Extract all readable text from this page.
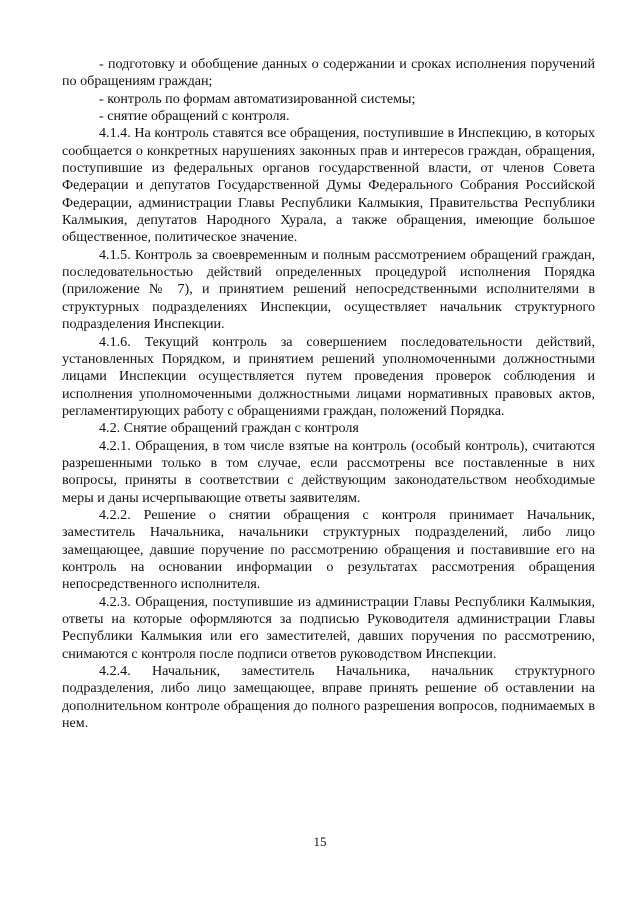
- подготовку и обобщение данных о содержании и сроках исполнения поручений по обращениям граждан;

- контроль по формам автоматизированной системы;

- снятие обращений с контроля.

4.1.4. На контроль ставятся все обращения, поступившие в Инспекцию, в которых сообщается о конкретных нарушениях законных прав и интересов граждан, обращения, поступившие из федеральных органов государственной власти, от членов Совета Федерации и депутатов Государственной Думы Федерального Собрания Российской Федерации, администрации Главы Республики Калмыкия, Правительства Республики Калмыкия, депутатов Народного Хурала, а также обращения, имеющие большое общественное, политическое значение.

4.1.5. Контроль за своевременным и полным рассмотрением обращений граждан, последовательностью действий определенных процедурой исполнения Порядка (приложение № 7), и принятием решений непосредственными исполнителями в структурных подразделениях Инспекции, осуществляет начальник структурного подразделения Инспекции.

4.1.6. Текущий контроль за совершением последовательности действий, установленных Порядком, и принятием решений уполномоченными должностными лицами Инспекции осуществляется путем проведения проверок соблюдения и исполнения уполномоченными должностными лицами нормативных правовых актов, регламентирующих работу с обращениями граждан, положений Порядка.

4.2. Снятие обращений граждан с контроля

4.2.1. Обращения, в том числе взятые на контроль (особый контроль), считаются разрешенными только в том случае, если рассмотрены все поставленные в них вопросы, приняты в соответствии с действующим законодательством необходимые меры и даны исчерпывающие ответы заявителям.

4.2.2. Решение о снятии обращения с контроля принимает Начальник, заместитель Начальника, начальники структурных подразделений, либо лицо замещающее, давшие поручение по рассмотрению обращения и поставившие его на контроль на основании информации о результатах рассмотрения обращения непосредственного исполнителя.

4.2.3. Обращения, поступившие из администрации Главы Республики Калмыкия, ответы на которые оформляются за подписью Руководителя администрации Главы Республики Калмыкия или его заместителей, давших поручения по рассмотрению, снимаются с контроля после подписи ответов руководством Инспекции.

4.2.4. Начальник, заместитель Начальника, начальник структурного подразделения, либо лицо замещающее, вправе принять решение об оставлении на дополнительном контроле обращения до полного разрешения вопросов, поднимаемых в нем.

15
